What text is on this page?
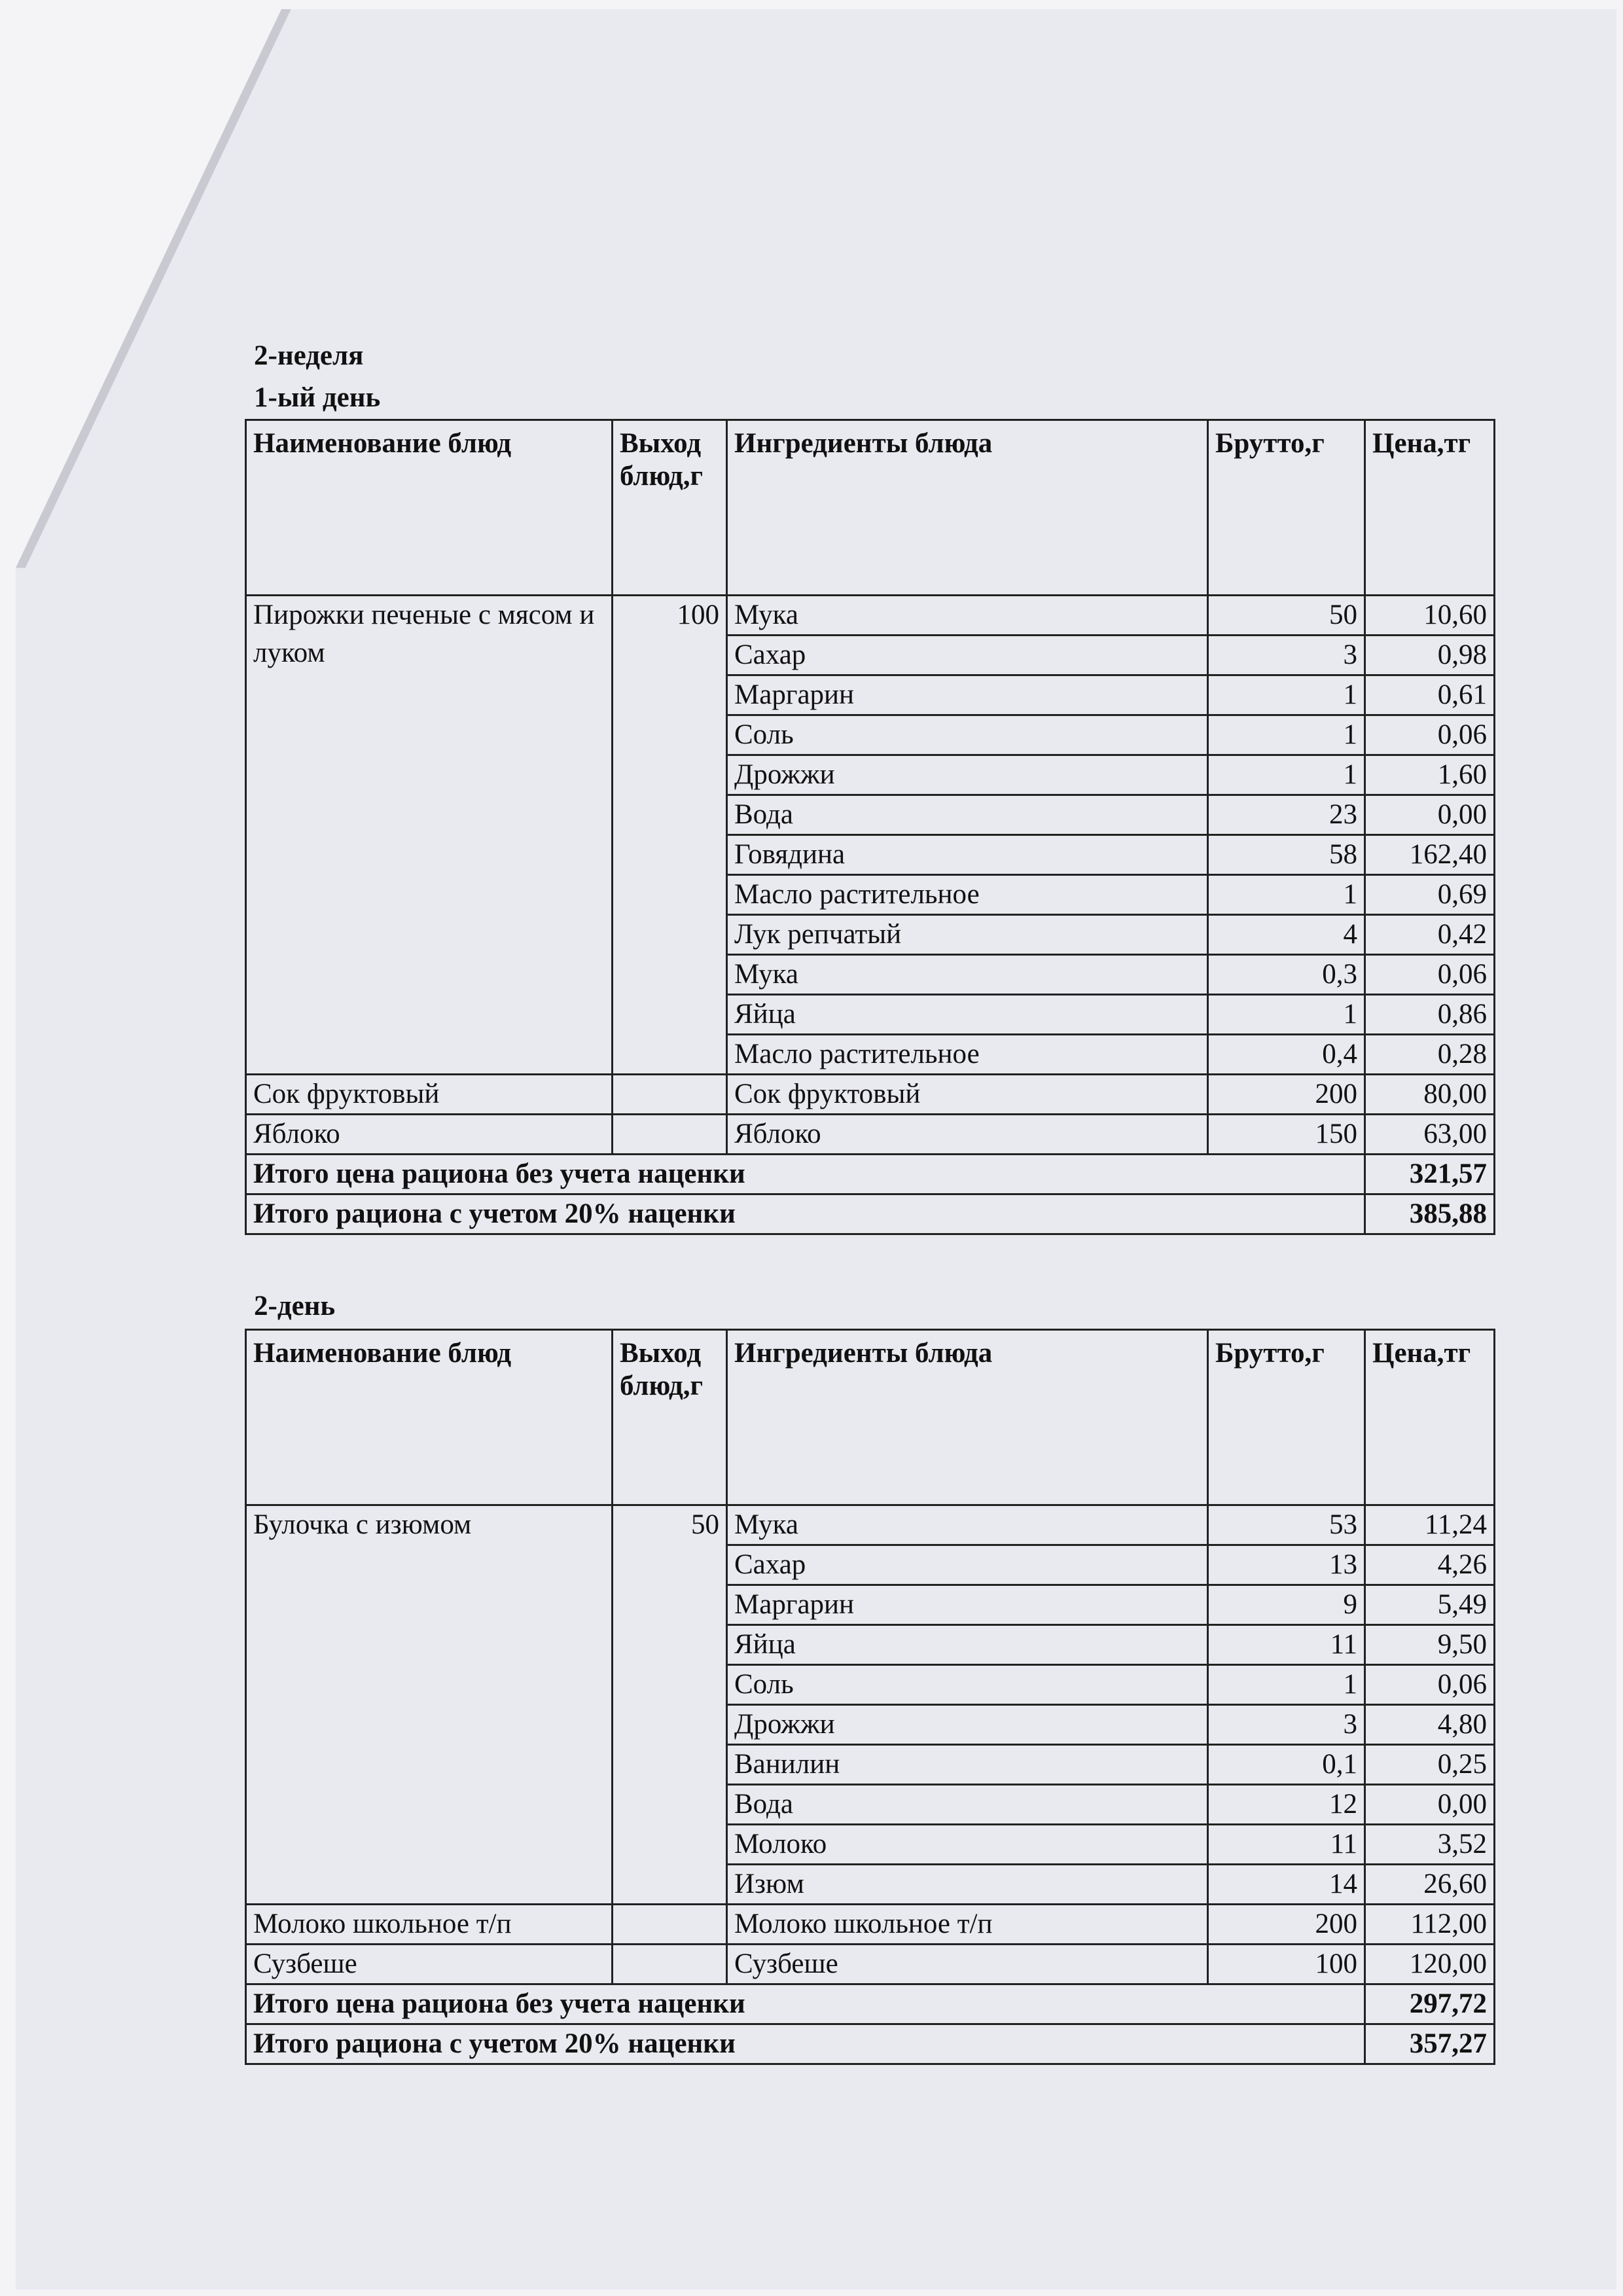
2-неделя
1-ый день
Наименование блюд	Выход блюд,г	Ингредиенты блюда	Брутто,г	Цена,тг
Пирожки печеные с мясом и луком	100	Мука	50	10,60
		Сахар	3	0,98
		Маргарин	1	0,61
		Соль	1	0,06
		Дрожжи	1	1,60
		Вода	23	0,00
		Говядина	58	162,40
		Масло растительное	1	0,69
		Лук репчатый	4	0,42
		Мука	0,3	0,06
		Яйца	1	0,86
		Масло растительное	0,4	0,28
Сок фруктовый		Сок фруктовый	200	80,00
Яблоко		Яблоко	150	63,00
Итого цена рациона без учета наценки				321,57
Итого рациона с учетом 20% наценки				385,88
2-день
Наименование блюд	Выход блюд,г	Ингредиенты блюда	Брутто,г	Цена,тг
Булочка с изюмом	50	Мука	53	11,24
		Сахар	13	4,26
		Маргарин	9	5,49
		Яйца	11	9,50
		Соль	1	0,06
		Дрожжи	3	4,80
		Ванилин	0,1	0,25
		Вода	12	0,00
		Молоко	11	3,52
		Изюм	14	26,60
Молоко школьное т/п		Молоко школьное т/п	200	112,00
Сузбеше		Сузбеше	100	120,00
Итого цена рациона без учета наценки				297,72
Итого рациона с учетом 20% наценки				357,27
